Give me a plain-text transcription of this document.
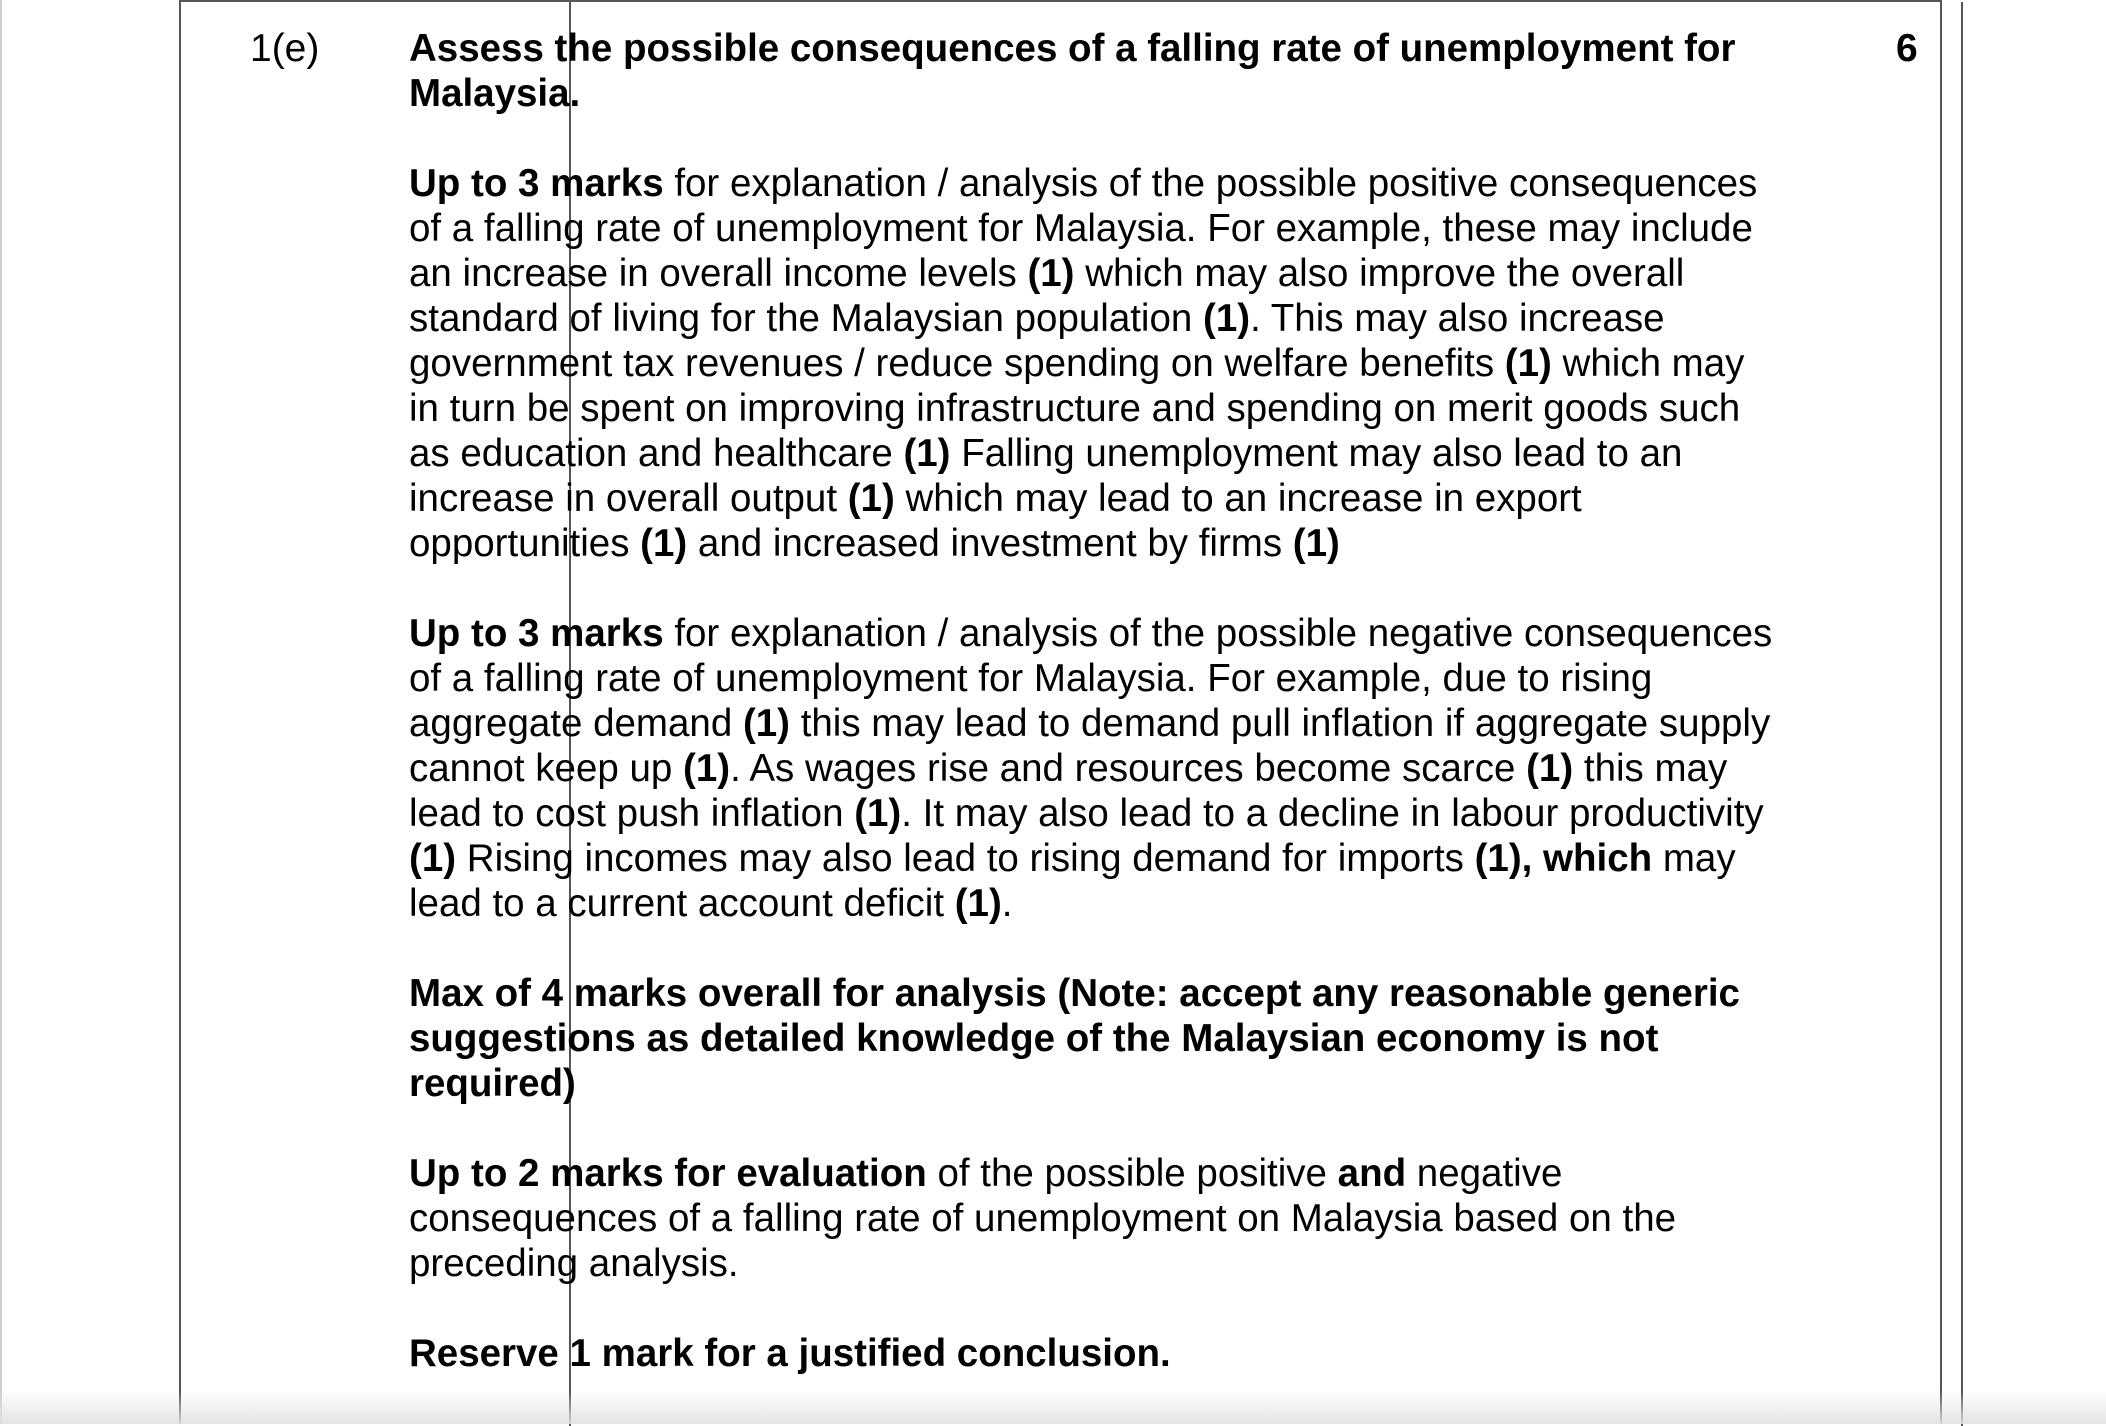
1(e)	6

Assess the possible consequences of a falling rate of unemployment for Malaysia.

Up to 3 marks for explanation / analysis of the possible positive consequences of a falling rate of unemployment for Malaysia. For example, these may include an increase in overall income levels (1) which may also improve the overall standard of living for the Malaysian population (1). This may also increase government tax revenues / reduce spending on welfare benefits (1) which may in turn be spent on improving infrastructure and spending on merit goods such as education and healthcare (1) Falling unemployment may also lead to an increase in overall output (1) which may lead to an increase in export opportunities (1) and increased investment by firms (1)

Up to 3 marks for explanation / analysis of the possible negative consequences of a falling rate of unemployment for Malaysia. For example, due to rising aggregate demand (1) this may lead to demand pull inflation if aggregate supply cannot keep up (1). As wages rise and resources become scarce (1) this may lead to cost push inflation (1). It may also lead to a decline in labour productivity (1) Rising incomes may also lead to rising demand for imports (1), which may lead to a current account deficit (1).

Max of 4 marks overall for analysis (Note: accept any reasonable generic suggestions as detailed knowledge of the Malaysian economy is not required)

Up to 2 marks for evaluation of the possible positive and negative consequences of a falling rate of unemployment on Malaysia based on the preceding analysis.

Reserve 1 mark for a justified conclusion.
